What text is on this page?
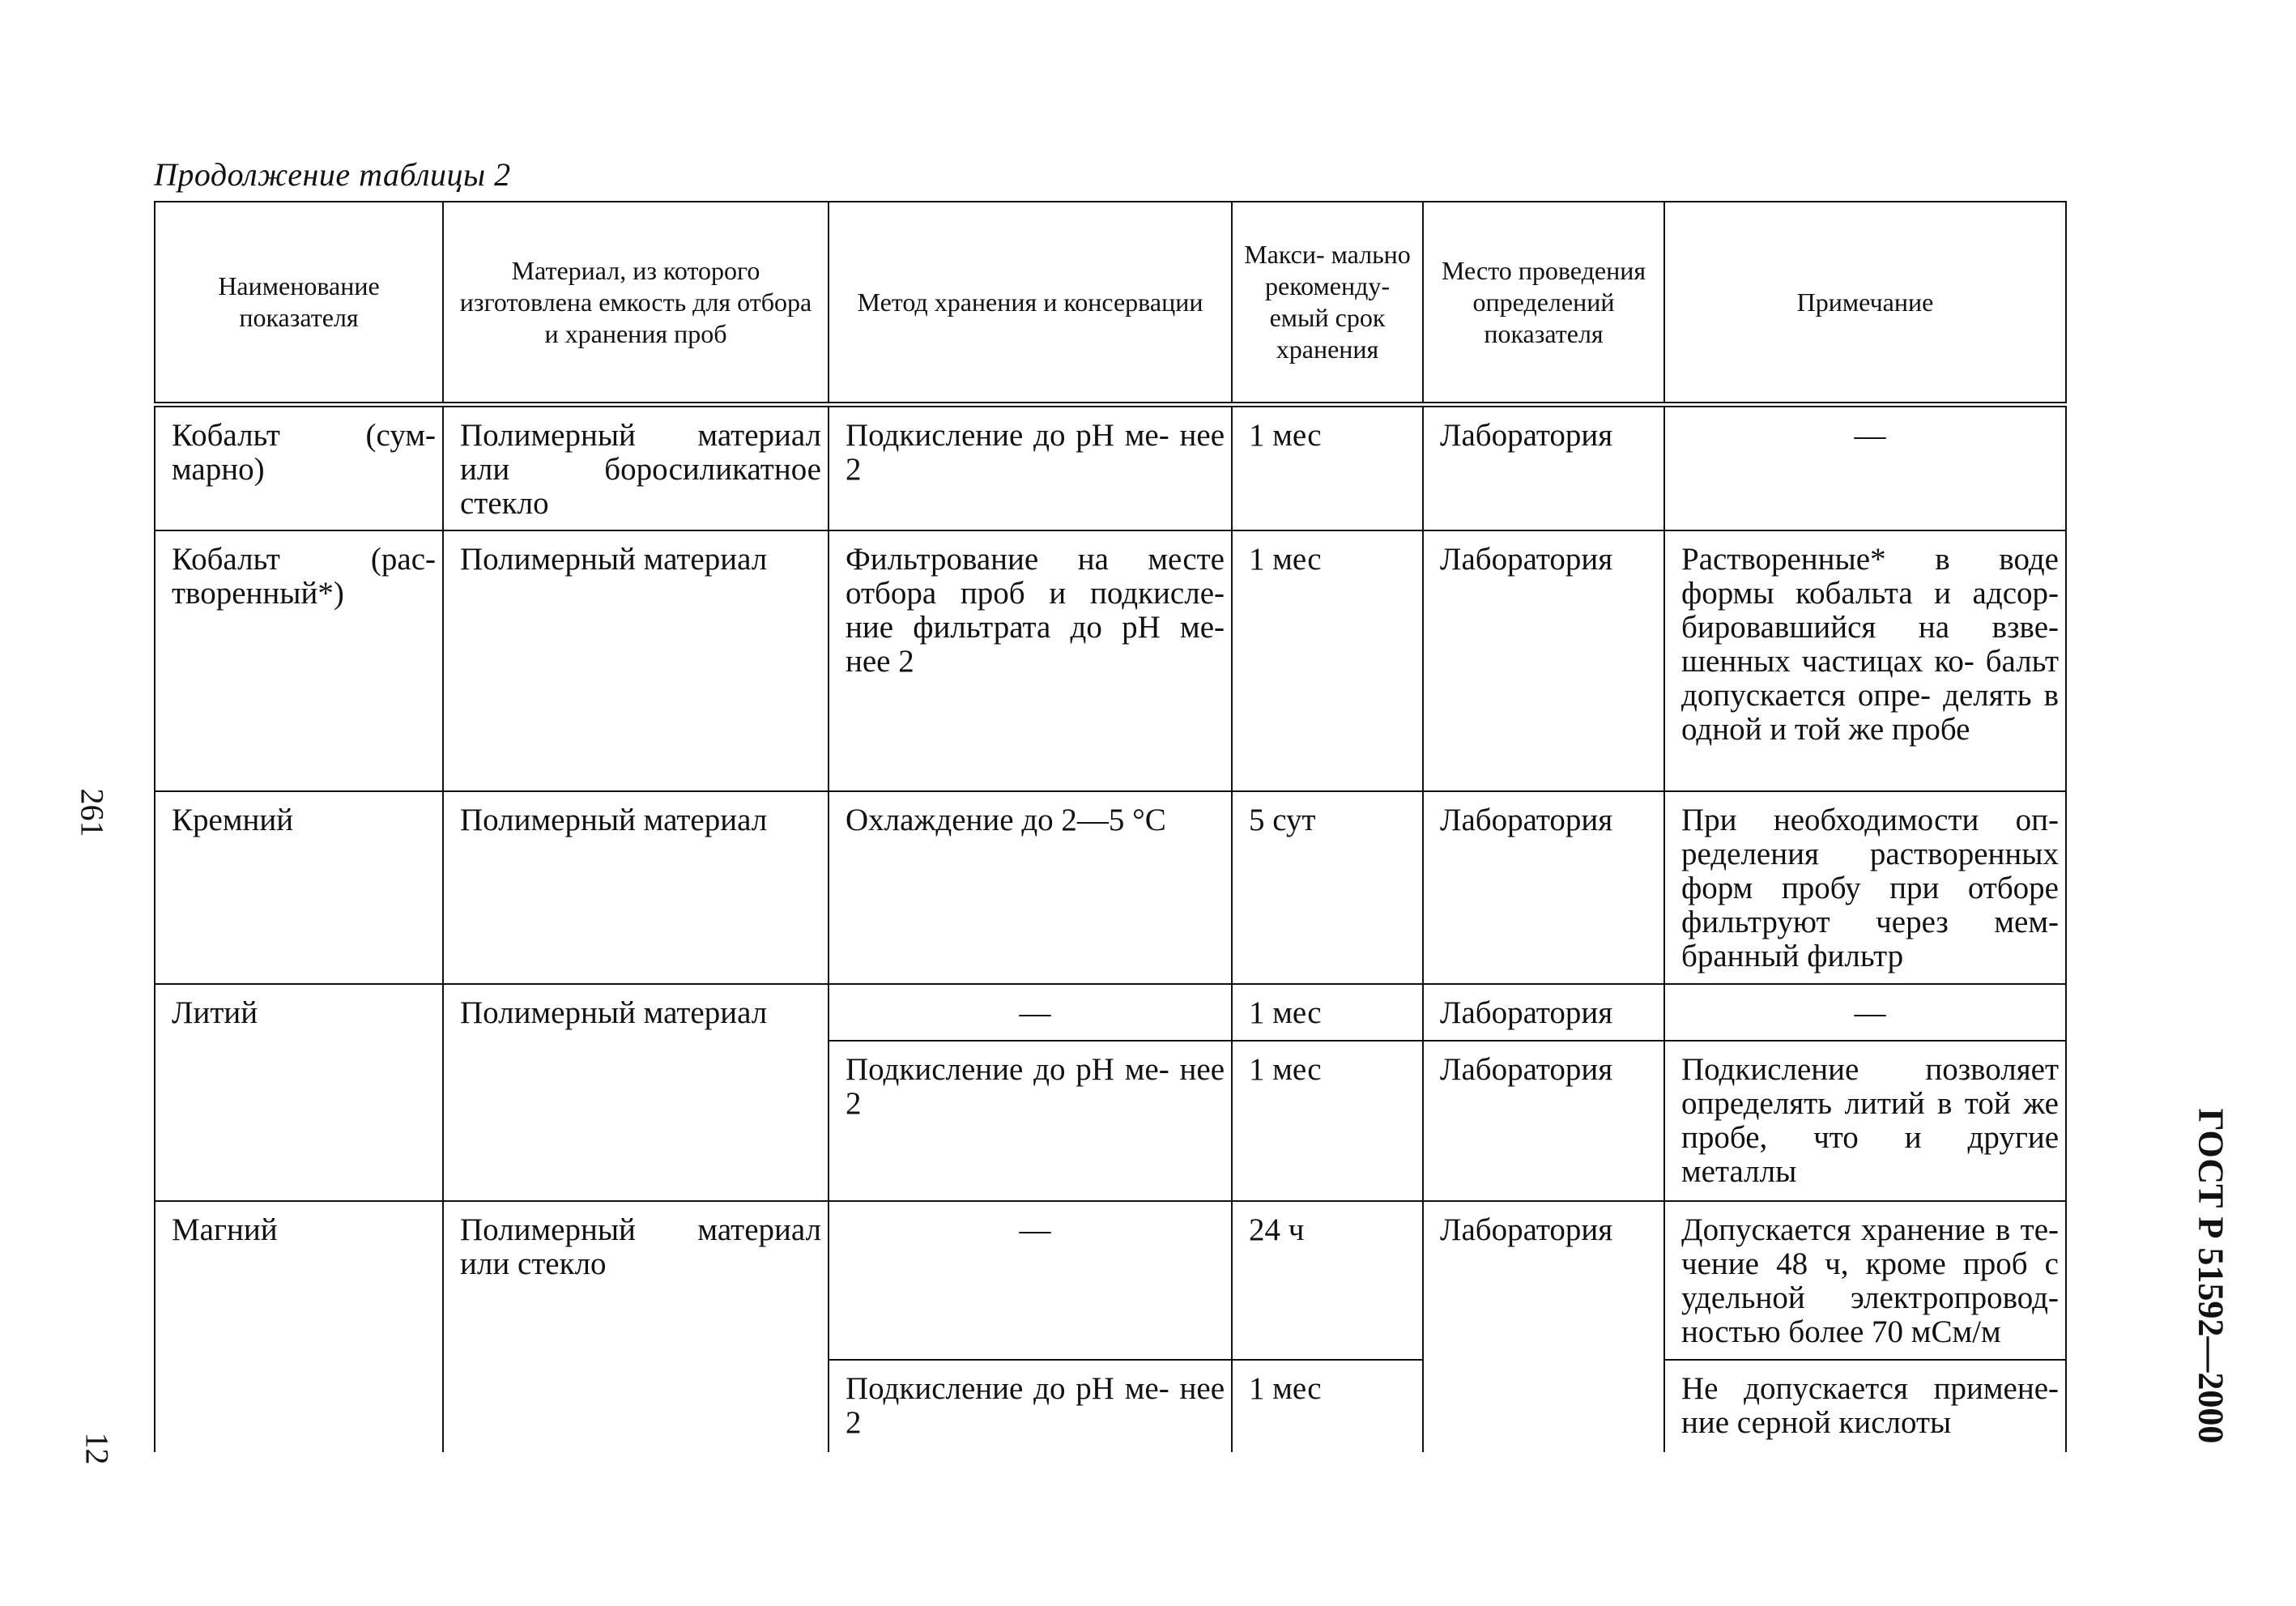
Продолжение таблицы 2
Наименование показателя	Материал, из которого изготовлена емкость для отбора и хранения проб	Метод хранения и консервации	Макси- мально рекоменду- емый срок хранения	Место проведения определений показателя	Примечание
Кобальт (сум- марно)	Полимерный материал или боросиликатное стекло	Подкисление до рН ме- нее 2	1 мес	Лаборатория	—
Кобальт (рас- творенный*)	Полимерный материал	Фильтрование на месте отбора проб и подкисле- ние фильтрата до рН ме- нее 2	1 мес	Лаборатория	Растворенные* в воде формы кобальта и адсор- бировавшийся на взве- шенных частицах ко- бальт допускается опре- делять в одной и той же пробе
Кремний	Полимерный материал	Охлаждение до 2—5 °С	5 сут	Лаборатория	При необходимости оп- ределения растворенных форм пробу при отборе фильтруют через мем- бранный фильтр
Литий	Полимерный материал	—	1 мес	Лаборатория	—
		Подкисление до рН ме- нее 2	1 мес	Лаборатория	Подкисление позволяет определять литий в той же пробе, что и другие металлы
Магний	Полимерный материал или стекло	—	24 ч	Лаборатория	Допускается хранение в те- чение 48 ч, кроме проб с удельной электропровод- ностью более 70 мСм/м
		Подкисление до рН ме- нее 2	1 мес		Не допускается примене- ние серной кислоты
261
12
ГОСТ Р 51592—2000
